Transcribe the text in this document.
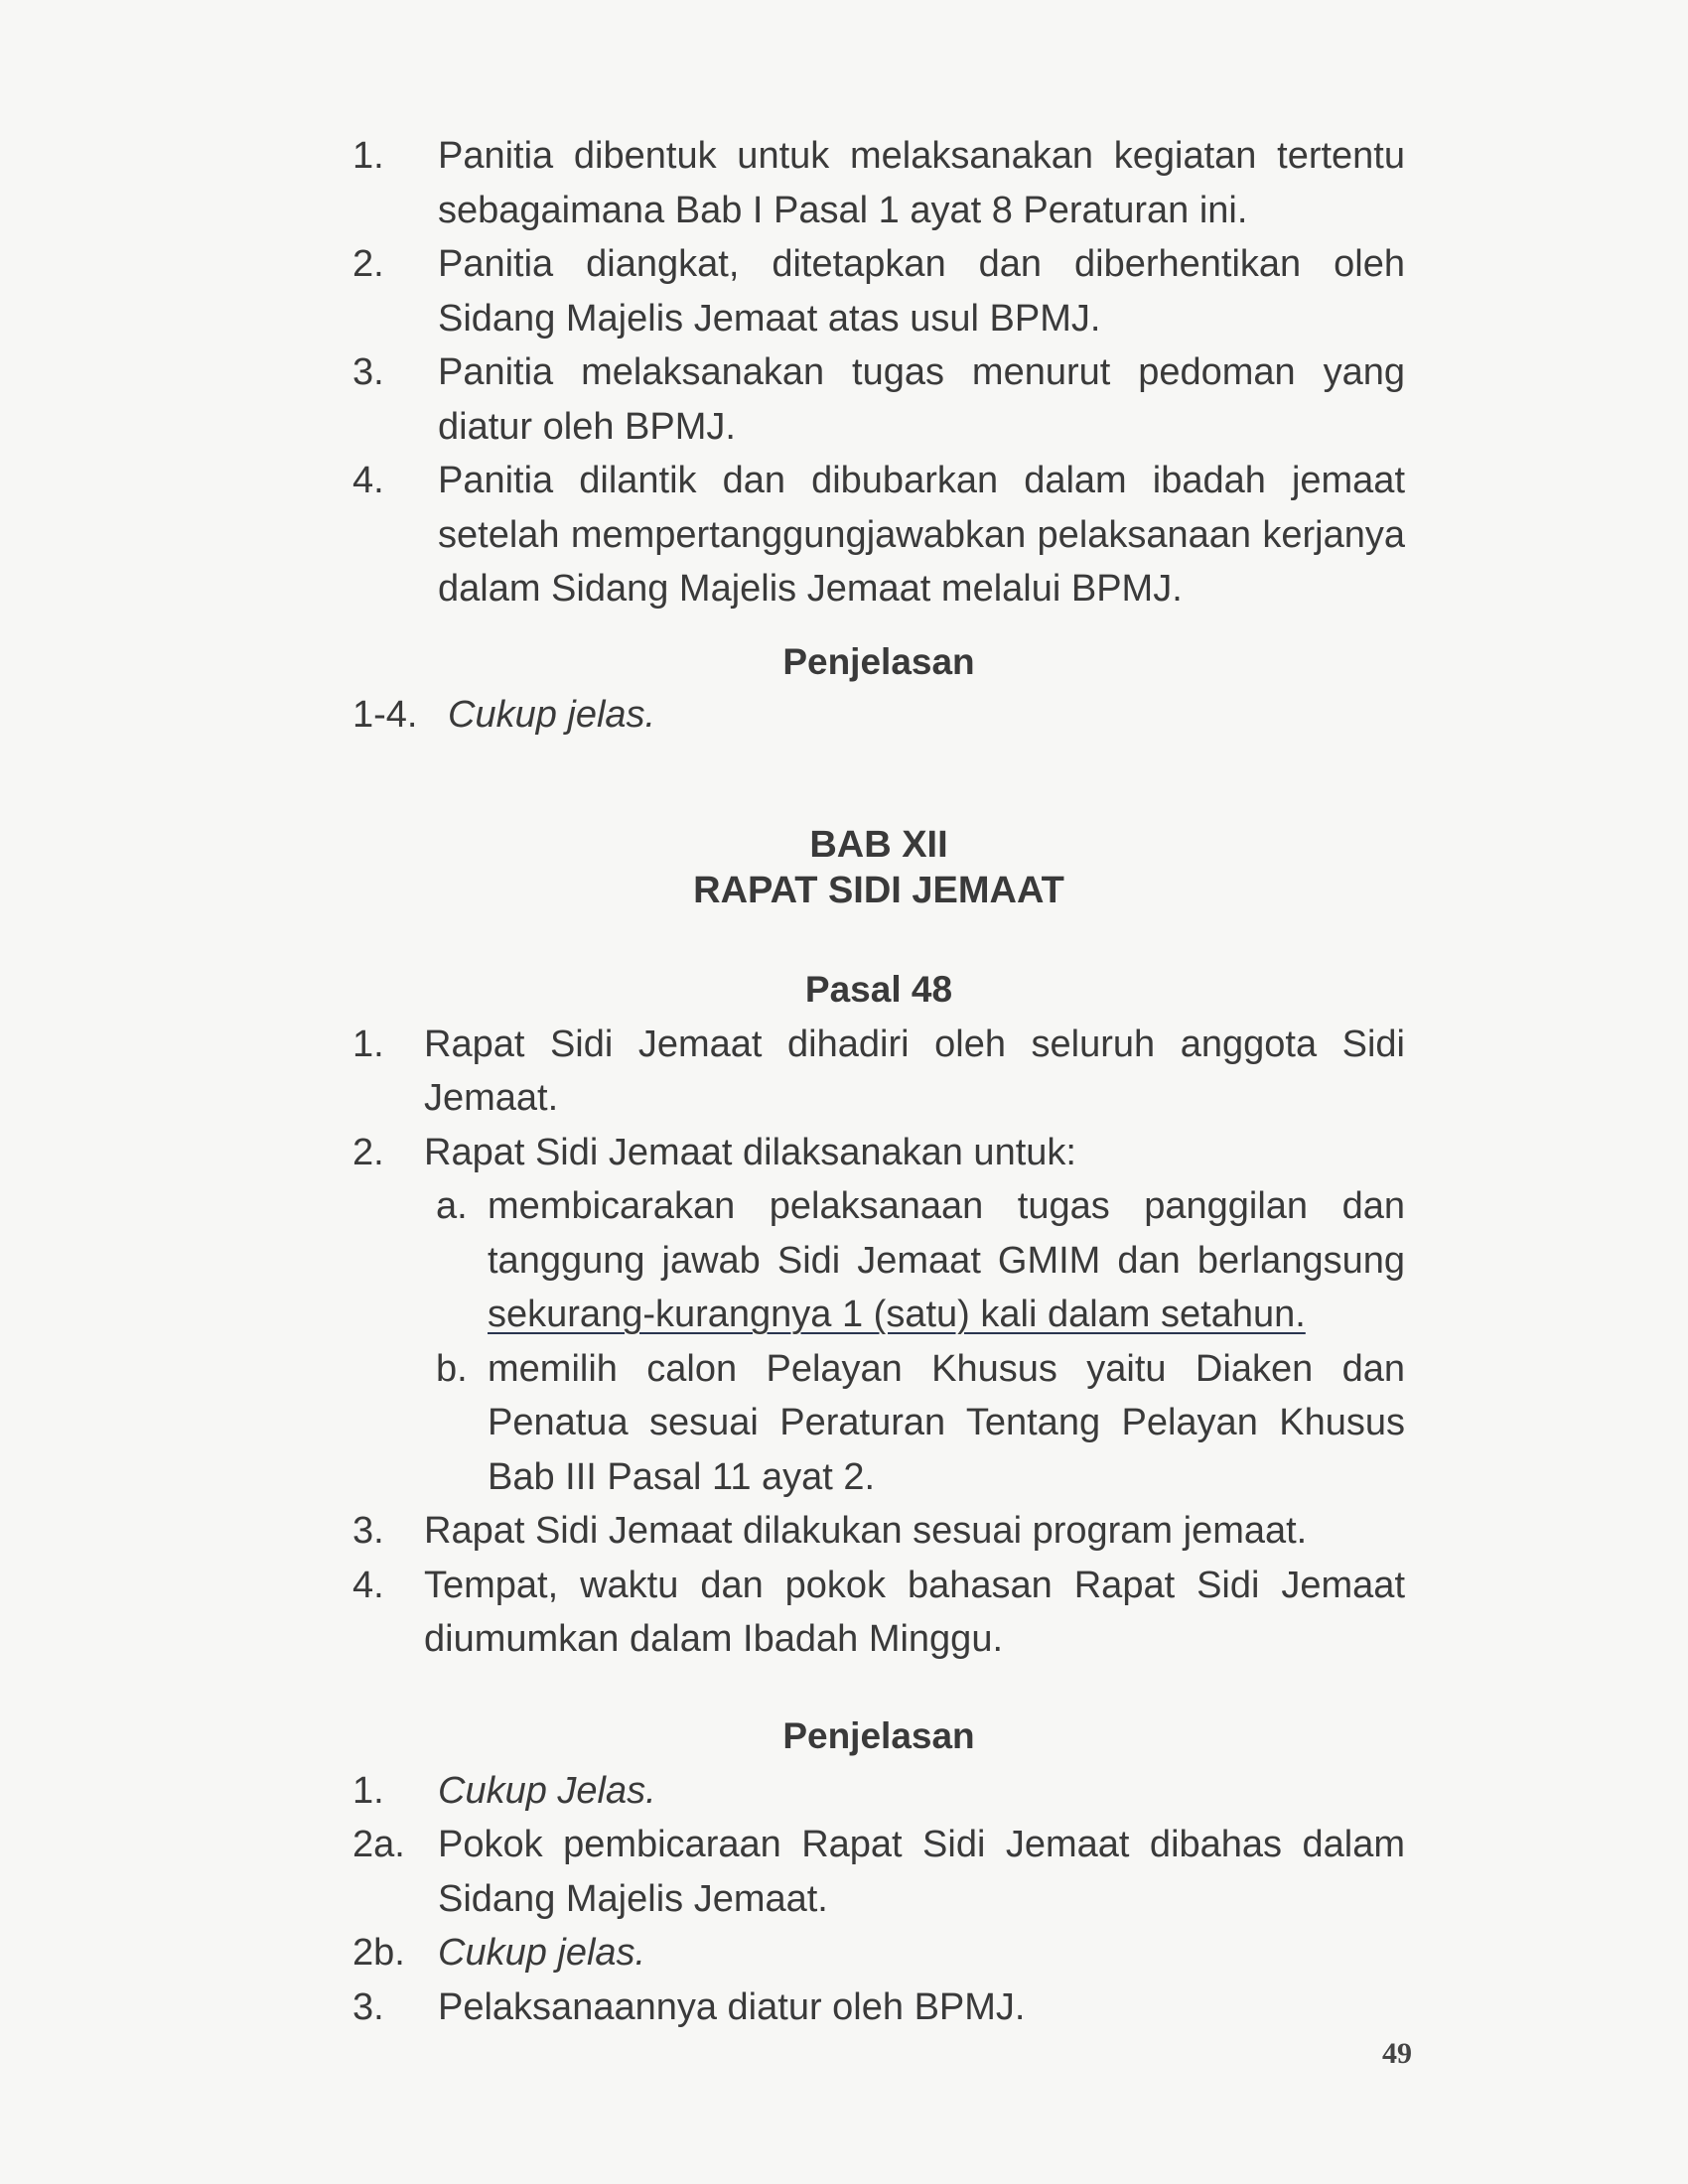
1.	Panitia dibentuk untuk melaksanakan kegiatan tertentu sebagaimana Bab I Pasal 1 ayat 8 Peraturan ini.
2.	Panitia diangkat, ditetapkan dan diberhentikan oleh Sidang Majelis Jemaat atas usul BPMJ.
3.	Panitia melaksanakan tugas menurut pedoman yang diatur oleh BPMJ.
4.	Panitia dilantik dan dibubarkan dalam ibadah jemaat setelah mempertanggungjawabkan pelaksanaan kerjanya dalam Sidang Majelis Jemaat melalui BPMJ.
Penjelasan
1-4. Cukup jelas.
BAB XII
RAPAT SIDI JEMAAT
Pasal 48
1.	Rapat Sidi Jemaat dihadiri oleh seluruh anggota Sidi Jemaat.
2.	Rapat Sidi Jemaat dilaksanakan untuk:
a. membicarakan pelaksanaan tugas panggilan dan tanggung jawab Sidi Jemaat GMIM dan berlangsung sekurang-kurangnya 1 (satu) kali dalam setahun.
b. memilih calon Pelayan Khusus yaitu Diaken dan Penatua sesuai Peraturan Tentang Pelayan Khusus Bab III Pasal 11 ayat 2.
3.	Rapat Sidi Jemaat dilakukan sesuai program jemaat.
4.	Tempat, waktu dan pokok bahasan Rapat Sidi Jemaat diumumkan dalam Ibadah Minggu.
Penjelasan
1.	Cukup Jelas.
2a. Pokok pembicaraan Rapat Sidi Jemaat dibahas dalam Sidang Majelis Jemaat.
2b. Cukup jelas.
3.	Pelaksanaannya diatur oleh BPMJ.
49
